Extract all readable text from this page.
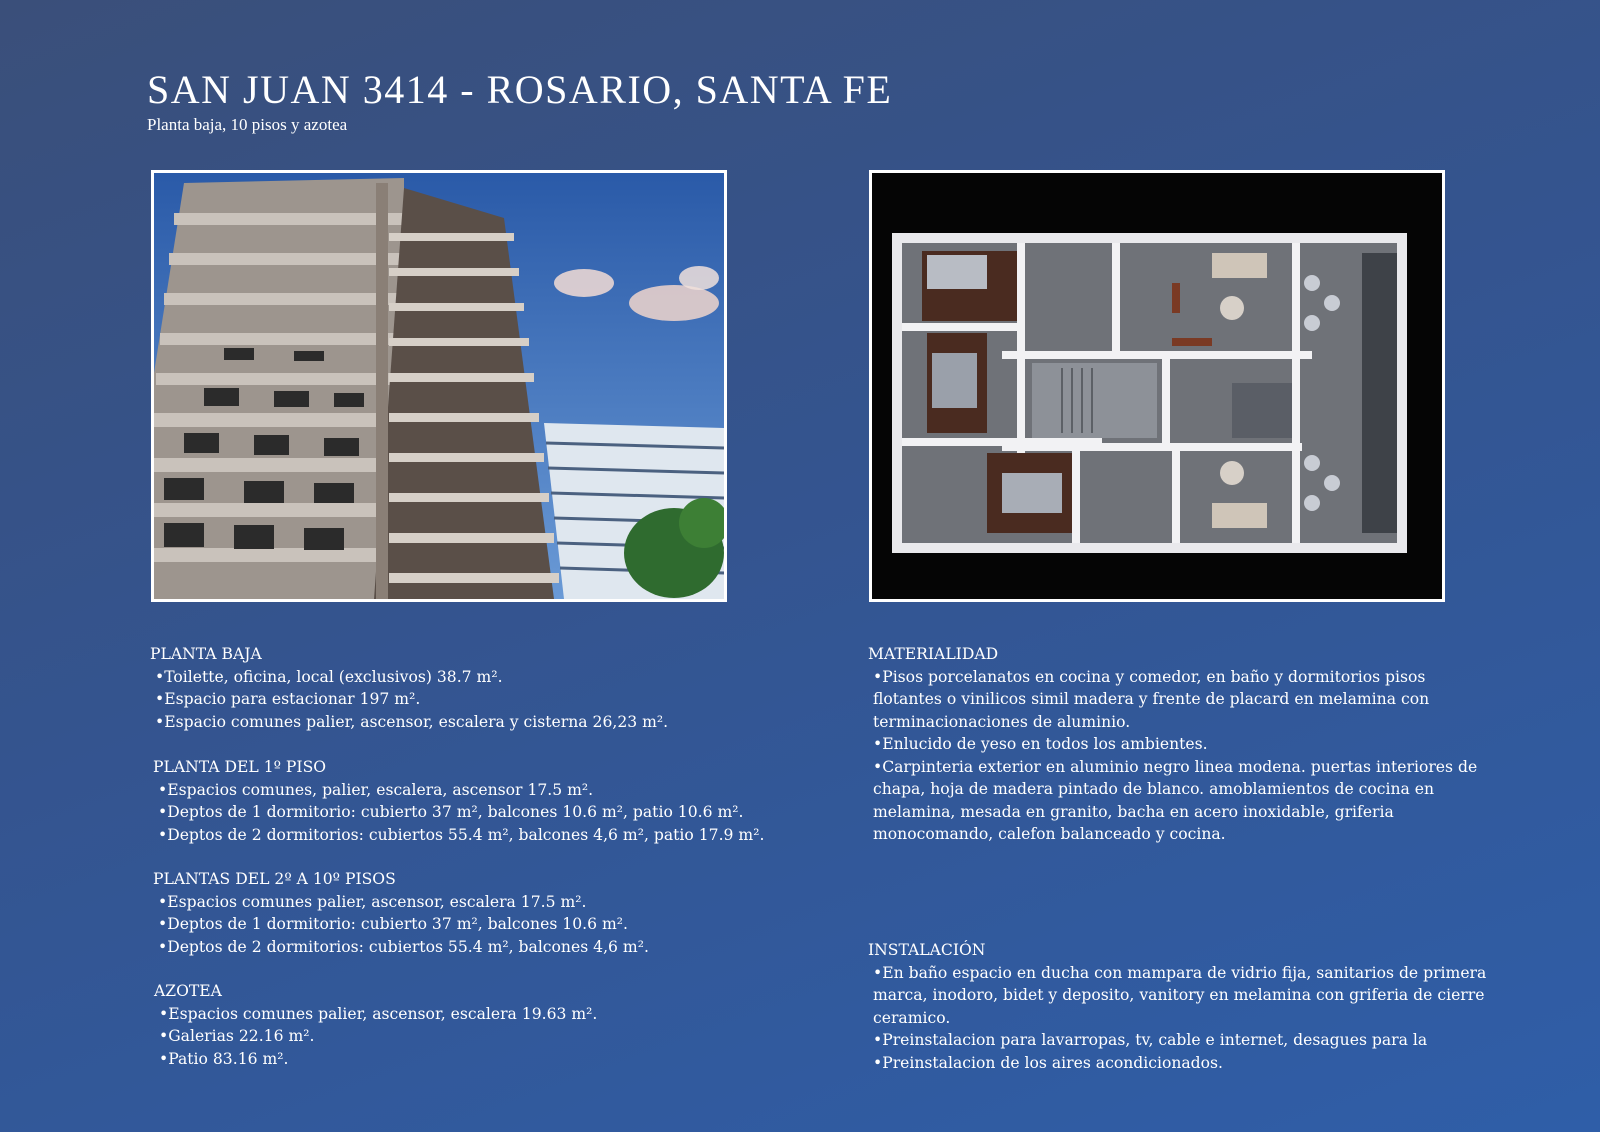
SAN JUAN 3414 - ROSARIO, SANTA FE
Planta baja, 10 pisos y azotea
PLANTA BAJA
• Toilette, oficina, local (exclusivos) 38.7 m².
• Espacio para estacionar 197 m².
• Espacio comunes palier, ascensor, escalera y cisterna 26,23 m².
PLANTA DEL 1º PISO
• Espacios comunes, palier, escalera, ascensor 17.5 m².
• Deptos de 1 dormitorio: cubierto 37 m², balcones 10.6 m², patio 10.6 m².
• Deptos de 2 dormitorios: cubiertos 55.4 m², balcones 4,6 m², patio 17.9 m².
PLANTAS DEL 2º A 10º PISOS
• Espacios comunes palier, ascensor, escalera 17.5 m².
• Deptos de 1 dormitorio: cubierto 37 m², balcones 10.6 m².
• Deptos de 2 dormitorios: cubiertos 55.4 m², balcones 4,6 m².
AZOTEA
• Espacios comunes palier, ascensor, escalera 19.63 m².
• Galerias 22.16 m².
• Patio 83.16 m².
MATERIALIDAD
• Pisos porcelanatos en cocina y comedor, en baño y dormitorios pisos flotantes o vinilicos simil madera y frente de placard en melamina con terminacionaciones de aluminio.
• Enlucido de yeso en todos los ambientes.
• Carpinteria exterior en aluminio negro linea modena. puertas interiores de chapa, hoja de madera pintado de blanco. amoblamientos de cocina en melamina, mesada en granito, bacha en acero inoxidable, griferia monocomando, calefon balanceado y cocina.
INSTALACIÓN
• En baño espacio en ducha con mampara de vidrio fija, sanitarios de primera marca, inodoro, bidet y deposito, vanitory en melamina con griferia de cierre ceramico.
• Preinstalacion para lavarropas, tv, cable e internet, desagues para la
• Preinstalacion de los aires acondicionados.
